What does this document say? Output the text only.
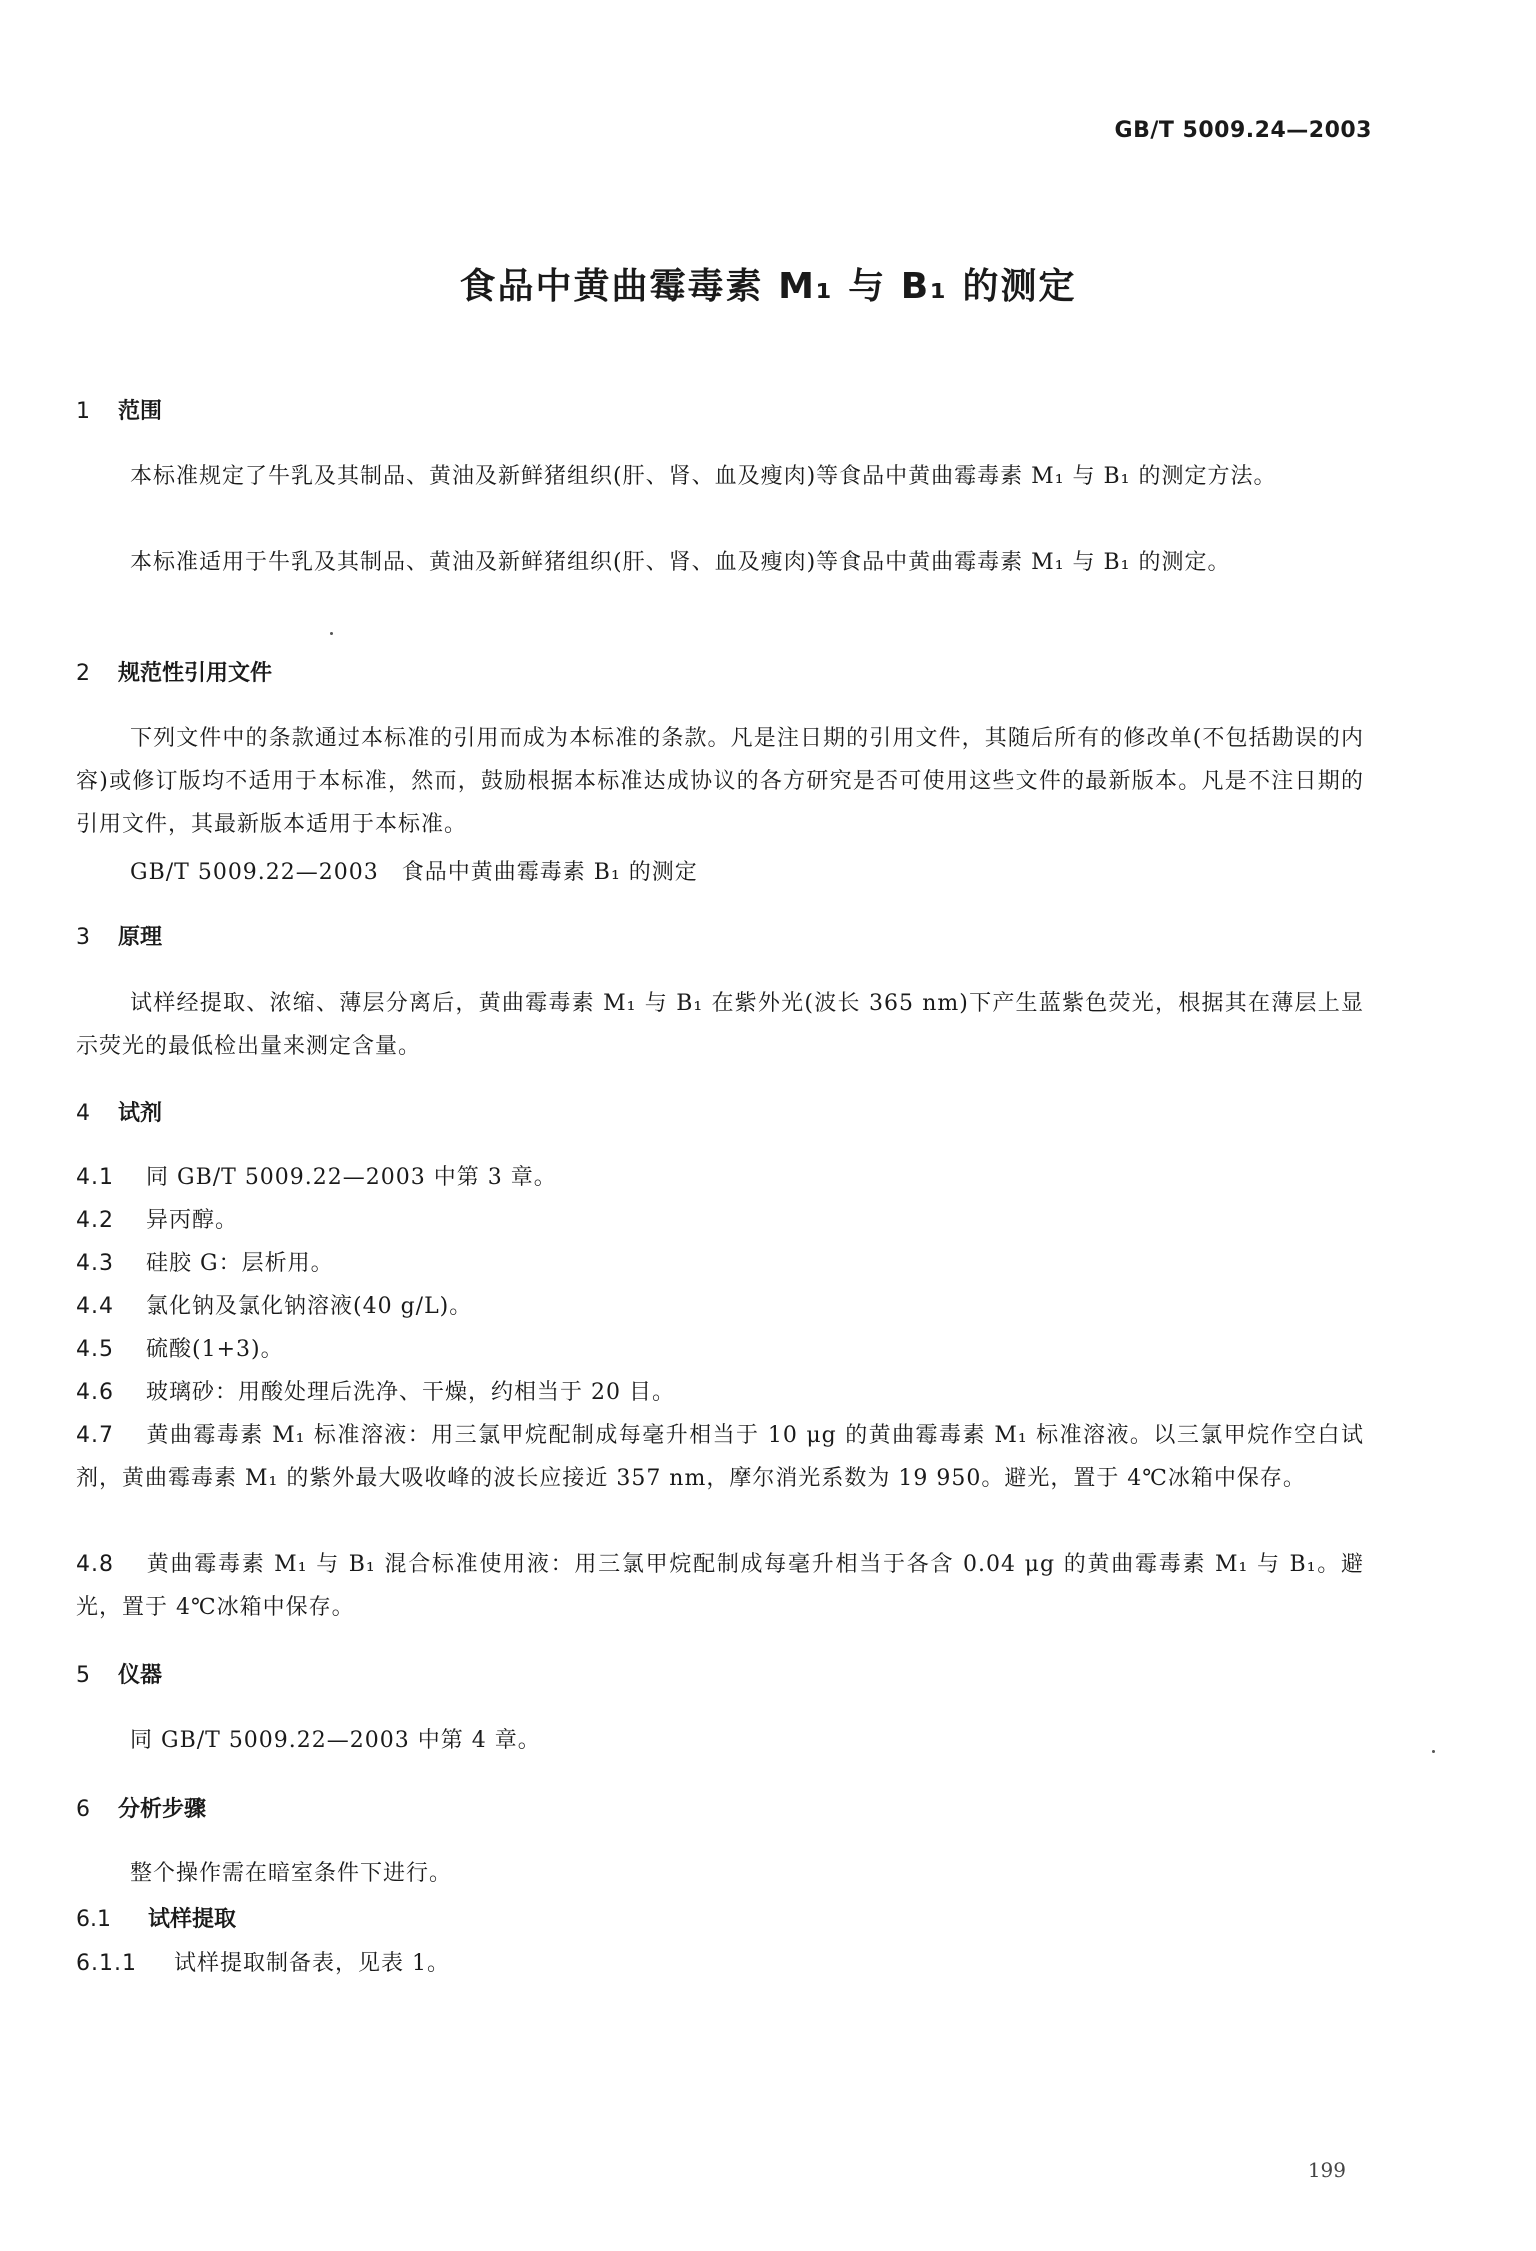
GB/T 5009.24—2003
食品中黄曲霉毒素 M₁ 与 B₁ 的测定
1 范围
本标准规定了牛乳及其制品、黄油及新鲜猪组织(肝、肾、血及瘦肉)等食品中黄曲霉毒素 M₁ 与 B₁ 的测定方法。
本标准适用于牛乳及其制品、黄油及新鲜猪组织(肝、肾、血及瘦肉)等食品中黄曲霉毒素 M₁ 与 B₁ 的测定。
2 规范性引用文件
下列文件中的条款通过本标准的引用而成为本标准的条款。凡是注日期的引用文件，其随后所有的修改单(不包括勘误的内容)或修订版均不适用于本标准，然而，鼓励根据本标准达成协议的各方研究是否可使用这些文件的最新版本。凡是不注日期的引用文件，其最新版本适用于本标准。
GB/T 5009.22—2003　食品中黄曲霉毒素 B₁ 的测定
3 原理
试样经提取、浓缩、薄层分离后，黄曲霉毒素 M₁ 与 B₁ 在紫外光(波长 365 nm)下产生蓝紫色荧光，根据其在薄层上显示荧光的最低检出量来测定含量。
4 试剂
4.1 同 GB/T 5009.22—2003 中第 3 章。
4.2 异丙醇。
4.3 硅胶 G：层析用。
4.4 氯化钠及氯化钠溶液(40 g/L)。
4.5 硫酸(1+3)。
4.6 玻璃砂：用酸处理后洗净、干燥，约相当于 20 目。
4.7 黄曲霉毒素 M₁ 标准溶液：用三氯甲烷配制成每毫升相当于 10 μg 的黄曲霉毒素 M₁ 标准溶液。以三氯甲烷作空白试剂，黄曲霉毒素 M₁ 的紫外最大吸收峰的波长应接近 357 nm，摩尔消光系数为 19 950。避光，置于 4℃冰箱中保存。
4.8 黄曲霉毒素 M₁ 与 B₁ 混合标准使用液：用三氯甲烷配制成每毫升相当于各含 0.04 μg 的黄曲霉毒素 M₁ 与 B₁。避光，置于 4℃冰箱中保存。
5 仪器
同 GB/T 5009.22—2003 中第 4 章。
6 分析步骤
整个操作需在暗室条件下进行。
6.1 试样提取
6.1.1 试样提取制备表，见表 1。
199
